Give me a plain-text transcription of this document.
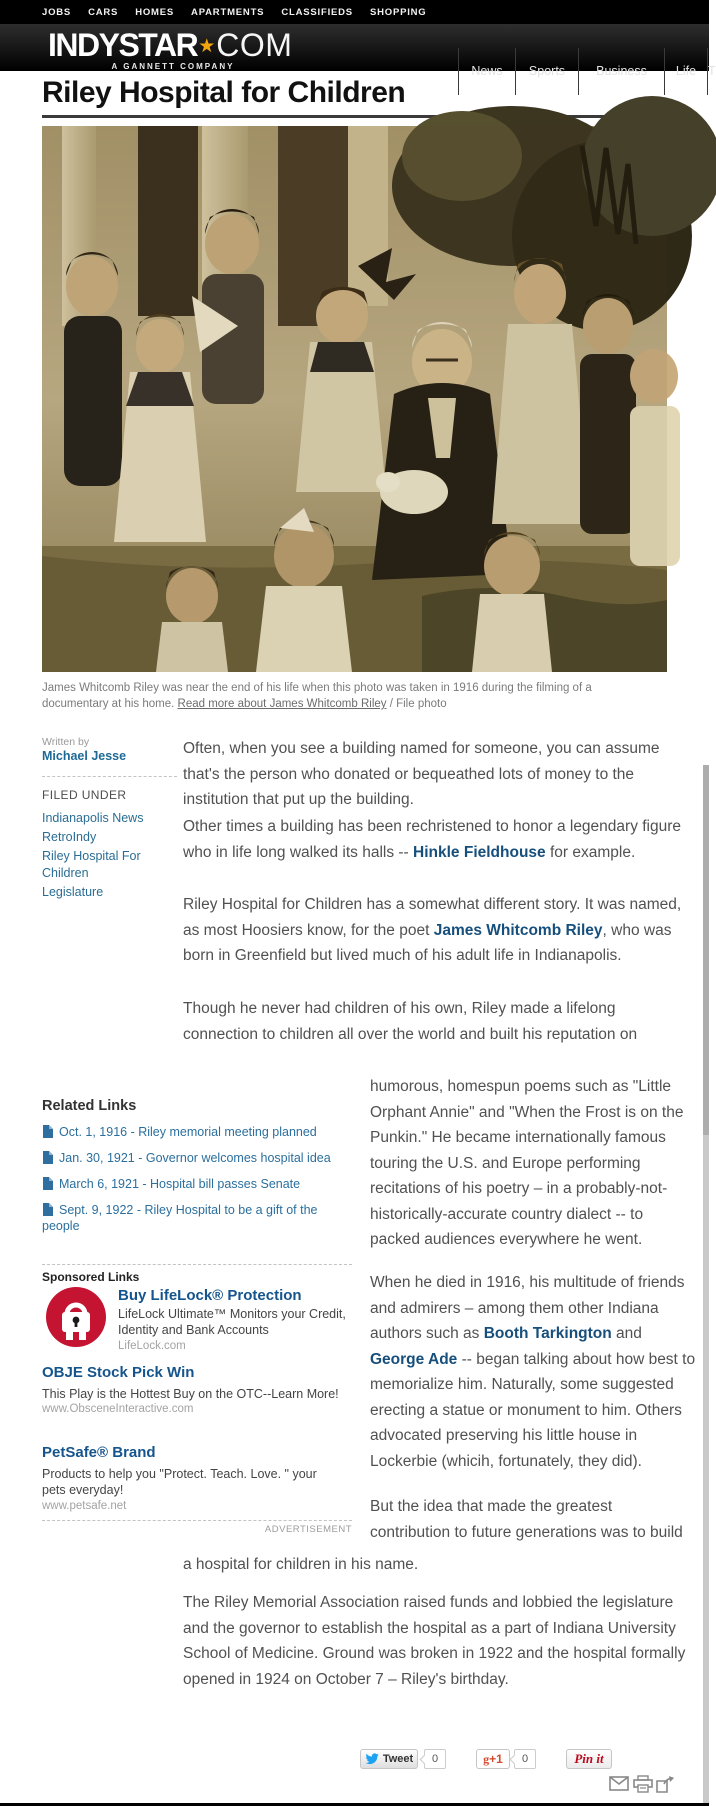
JOBS CARS HOMES APARTMENTS CLASSIFIEDS SHOPPING
INDYSTAR★COM
A GANNETT COMPANY	News	Sports	Business	Life T
Riley Hospital for Children
James Whitcomb Riley was near the end of his life when this photo was taken in 1916 during the filming of a documentary at his home. Read more about James Whitcomb Riley / File photo
Written by
Michael Jesse
FILED UNDER
Indianapolis News
RetroIndy
Riley Hospital For Children
Legislature
Often, when you see a building named for someone, you can assume that's the person who donated or bequeathed lots of money to the institution that put up the building.
Other times a building has been rechristened to honor a legendary figure who in life long walked its halls -- Hinkle Fieldhouse for example.
Riley Hospital for Children has a somewhat different story. It was named, as most Hoosiers know, for the poet James Whitcomb Riley, who was born in Greenfield but lived much of his adult life in Indianapolis.
Though he never had children of his own, Riley made a lifelong connection to children all over the world and built his reputation on
humorous, homespun poems such as "Little Orphant Annie" and "When the Frost is on the Punkin." He became internationally famous touring the U.S. and Europe performing recitations of his poetry – in a probably-not-historically-accurate country dialect -- to packed audiences everywhere he went.
When he died in 1916, his multitude of friends and admirers – among them other Indiana authors such as Booth Tarkington and George Ade -- began talking about how best to memorialize him. Naturally, some suggested erecting a statue or monument to him. Others advocated preserving his little house in Lockerbie (whicih, fortunately, they did).
But the idea that made the greatest contribution to future generations was to build
a hospital for children in his name.
The Riley Memorial Association raised funds and lobbied the legislature and the governor to establish the hospital as a part of Indiana University School of Medicine. Ground was broken in 1922 and the hospital formally opened in 1924 on October 7 – Riley's birthday.
Related Links
Oct. 1, 1916 - Riley memorial meeting planned
Jan. 30, 1921 - Governor welcomes hospital idea
March 6, 1921 - Hospital bill passes Senate
Sept. 9, 1922 - Riley Hospital to be a gift of the people
Sponsored Links
Buy LifeLock® Protection
LifeLock Ultimate™ Monitors your Credit, Identity and Bank Accounts
LifeLock.com
OBJE Stock Pick Win
This Play is the Hottest Buy on the OTC--Learn More!
www.ObsceneInteractive.com
PetSafe® Brand
Products to help you "Protect. Teach. Love. " your pets everyday!
www.petsafe.net
ADVERTISEMENT
Tweet	0	g+1	0	Pin it
